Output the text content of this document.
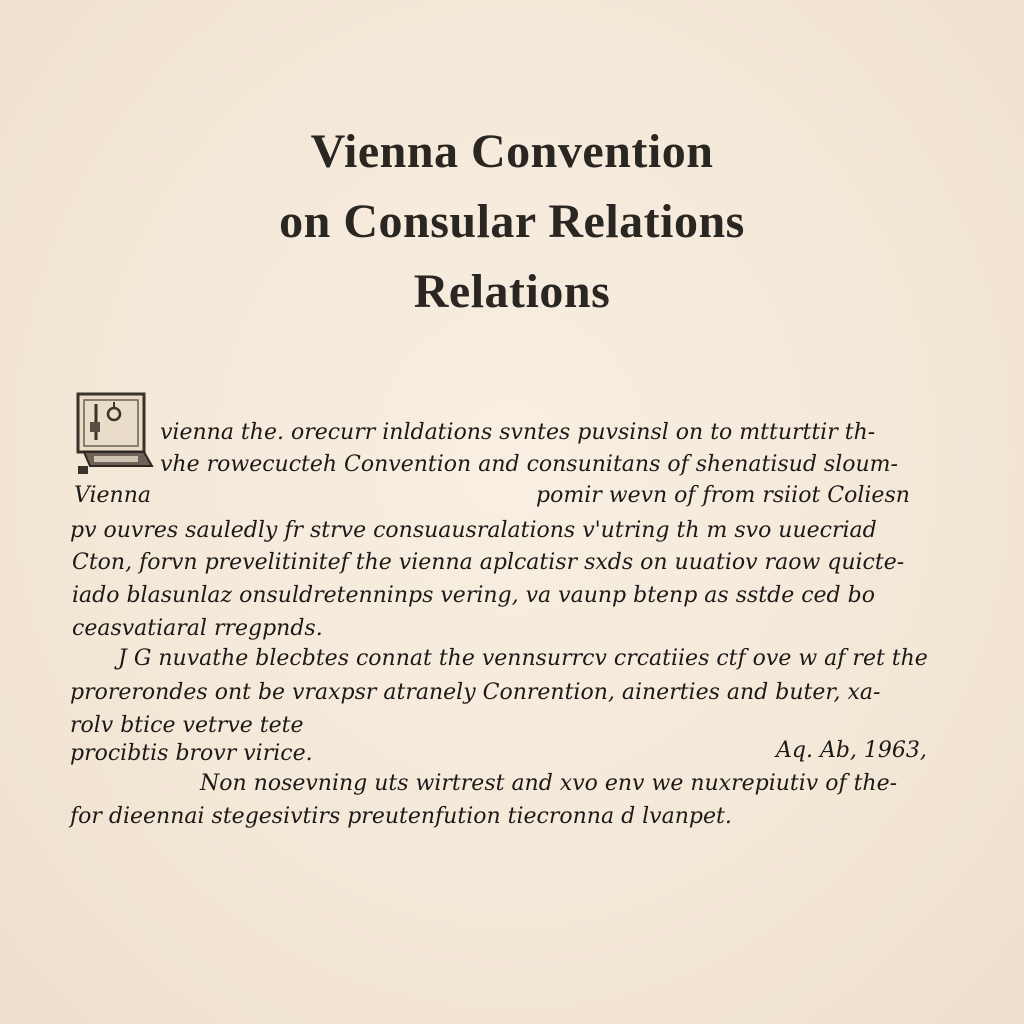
Vienna Convention
on Consular Relations
Relations
vienna the. orecurr inldations svntes puvsinsl on to mtturttir th-
vhe rowecucteh Convention and consunitans of shenatisud sloum-
Vienna	pomir wevn of from rsiiot Coliesn
pv ouvres sauledly fr strve consuausralations v'utring th m svo uuecriad
Cton, forvn prevelitinitef the vienna aplcatisr sxds on uuatiov raow quicte-
iado blasunlaz onsuldretenninps vering, va vaunp btenp as sstde ced bo
ceasvatiaral rregpnds.
J G nuvathe blecbtes connat the vennsurrcv crcatiies ctf ove w af ret the
prorerondes ont be vraxpsr atranely Conrention, ainerties and buter, xa-
rolv btice vetrve tete
procibtis brovr virice.	Aq. Ab, 1963,
Non nosevning uts wirtrest and xvo env we nuxrepiutiv of the-
for dieennai stegesivtirs preutenfution tiecronna d lvanpet.
